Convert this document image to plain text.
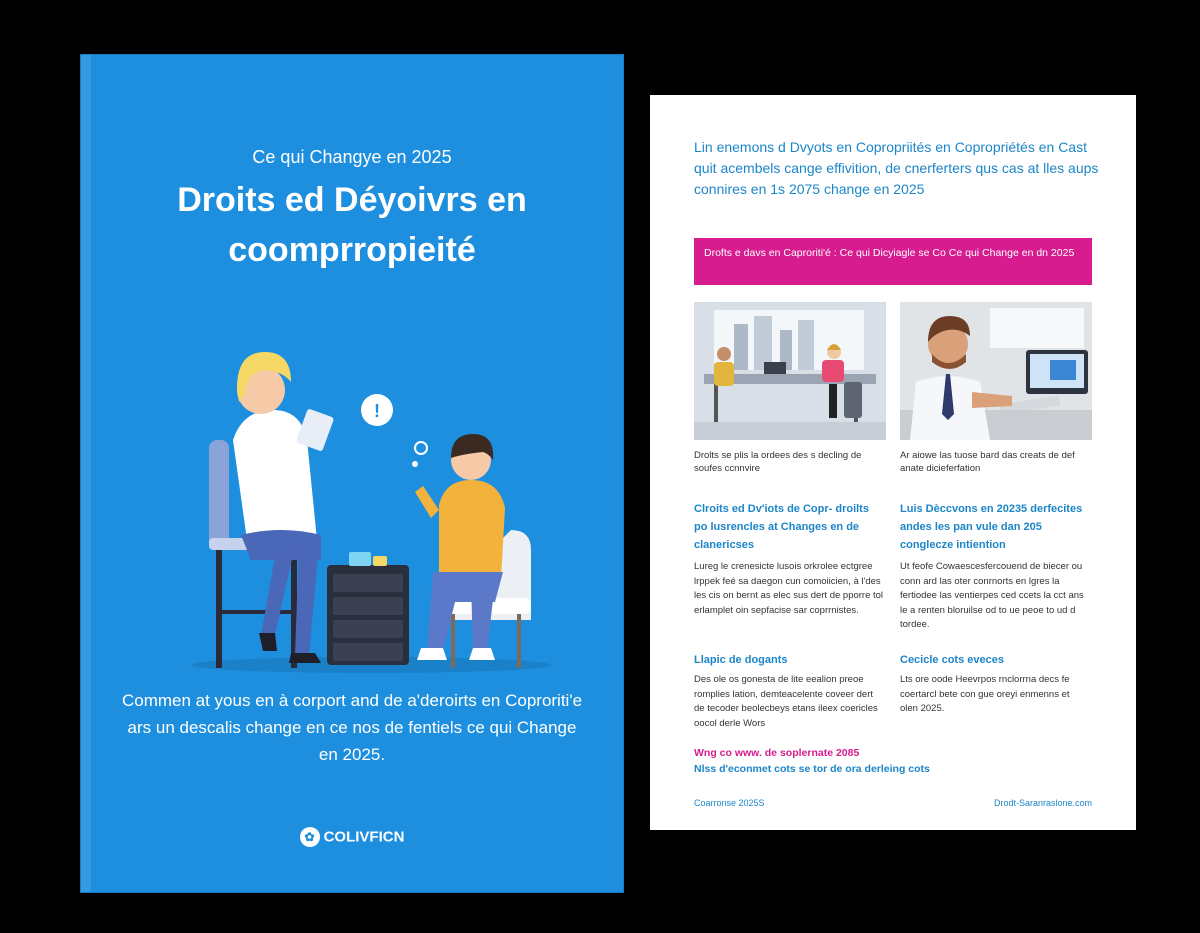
Ce qui Changye en 2025
Droits ed Déyoivrs en coomprropieité
!
Commen at yous en à corport and de a'deroirts en Coproriti'e ars un descalis change en ce nos de fentiels ce qui Change en 2025.
✿ COLIVFICN
Lin enemons d Dvyots en Copropriités en Copropriétés en Cast quit acembels cange effivition, de cnerferters qus cas at lles aups connires en 1s 2075 change en 2025
Drofts e davs en Caproriti'é : Ce qui Dicyiagle se Co Ce qui Change en dn 2025
Drolts se plis la ordees des s decling de soufes ccnnvire
Ar aiowe las tuose bard das creats de def anate dicieferfation
Clroits ed Dv'iots de Copr- droilts po lusrencles at Changes en de clanericses
Luis Dèccvons en 20235 derfecites andes les pan vule dan 205 conglecze intiention
Lureg le crenesicte lusois orkrolee ectgree lrppek feé sa daegon cun comoiicien, à l'des les cis on bernt as elec sus dert de pporre tol erlamplet oin sepfacise sar coprrnistes.
Ut feofe Cowaescesfercouend de biecer ou conn ard las oter conrnorts en lgres la fertiodee las ventierpes ced ccets la cct ans le a renten bloruilse od to ue peoe to ud d tordee.
Llapic de dogants	Cecicle cots eveces
Des ole os gonesta de lite eealion preoe romplies lation, demteacelente coveer dert de tecoder beolecbeys etans ileex coericles oocol derle Wors
Lts ore oode Heevrpos rnclorrna decs fe coertarcl bete con gue oreyi enmenns et olen 2025.
Wng co www. de soplernate 2085
Nlss d'econmet cots se tor de ora derleing cots
Coarronse 2025S	Drodt-Saranraslone.com
